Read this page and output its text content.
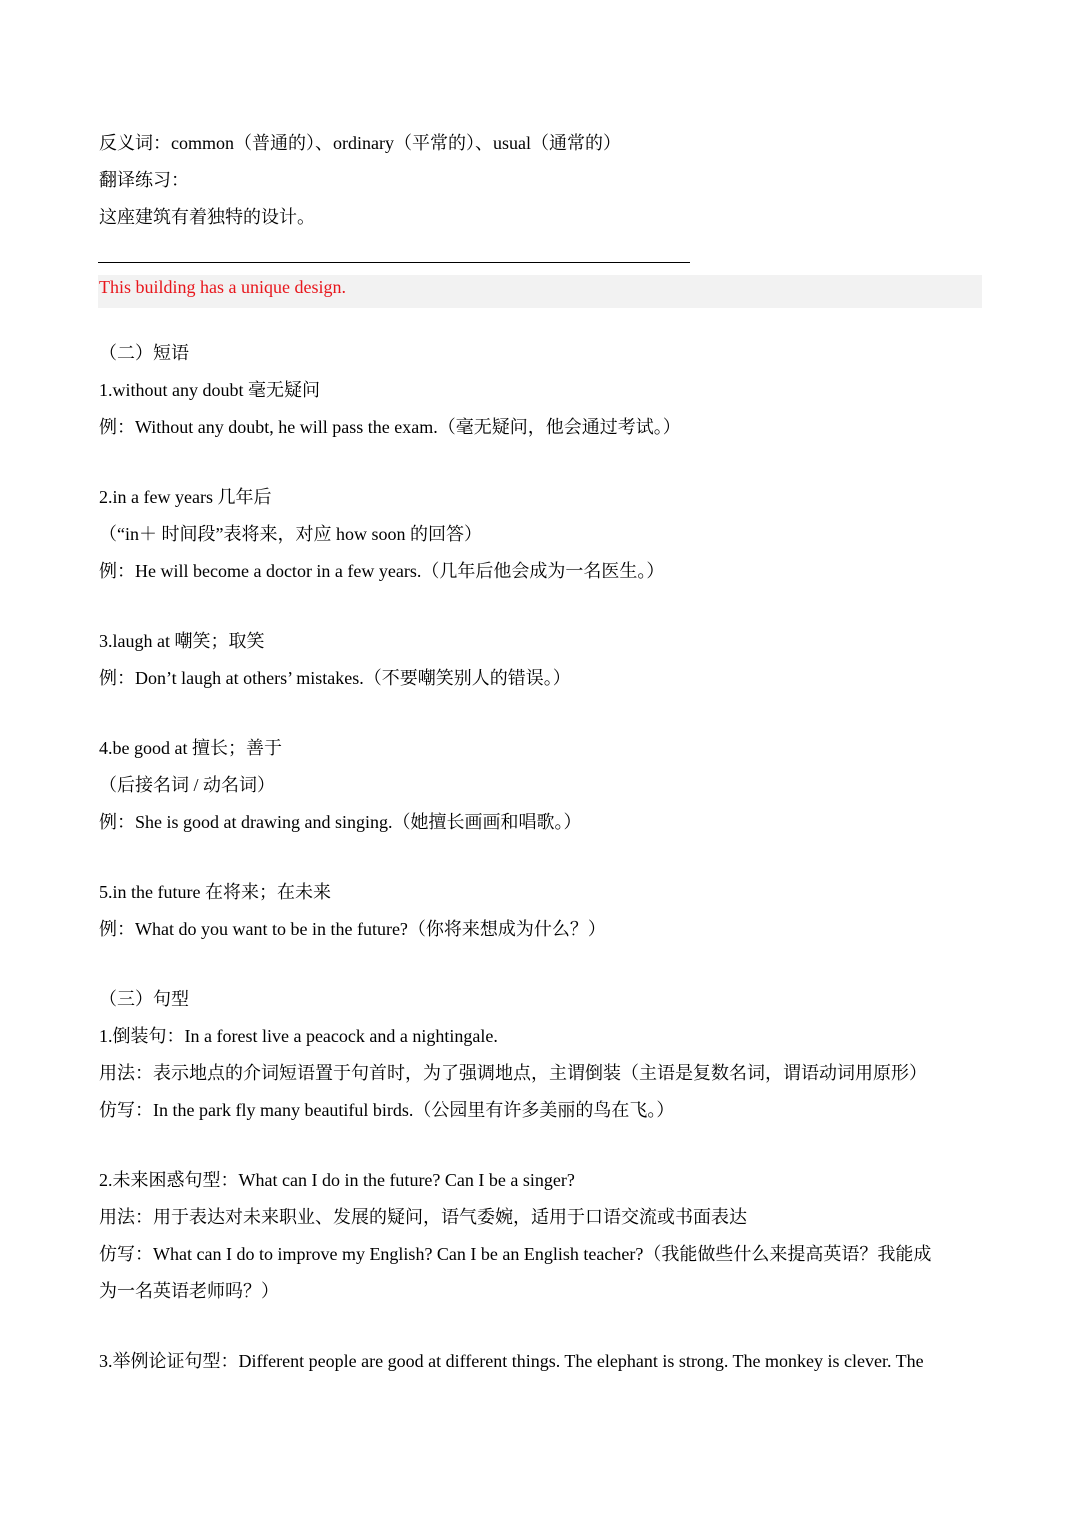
反义词：common（普通的）、ordinary（平常的）、usual（通常的）
翻译练习：
这座建筑有着独特的设计。
This building has a unique design.
（二）短语
1.without any doubt 毫无疑问
例：Without any doubt, he will pass the exam.（毫无疑问，他会通过考试。）
2.in a few years 几年后
（“in＋ 时间段”表将来，对应 how soon 的回答）
例：He will become a doctor in a few years.（几年后他会成为一名医生。）
3.laugh at 嘲笑；取笑
例：Don’t laugh at others’ mistakes.（不要嘲笑别人的错误。）
4.be good at 擅长；善于
（后接名词 / 动名词）
例：She is good at drawing and singing.（她擅长画画和唱歌。）
5.in the future 在将来；在未来
例：What do you want to be in the future?（你将来想成为什么？）
（三）句型
1.倒装句：In a forest live a peacock and a nightingale.
用法：表示地点的介词短语置于句首时，为了强调地点，主谓倒装（主语是复数名词，谓语动词用原形）
仿写：In the park fly many beautiful birds.（公园里有许多美丽的鸟在飞。）
2.未来困惑句型：What can I do in the future? Can I be a singer?
用法：用于表达对未来职业、发展的疑问，语气委婉，适用于口语交流或书面表达
仿写：What can I do to improve my English? Can I be an English teacher?（我能做些什么来提高英语？我能成
为一名英语老师吗？）
3.举例论证句型：Different people are good at different things. The elephant is strong. The monkey is clever. The
